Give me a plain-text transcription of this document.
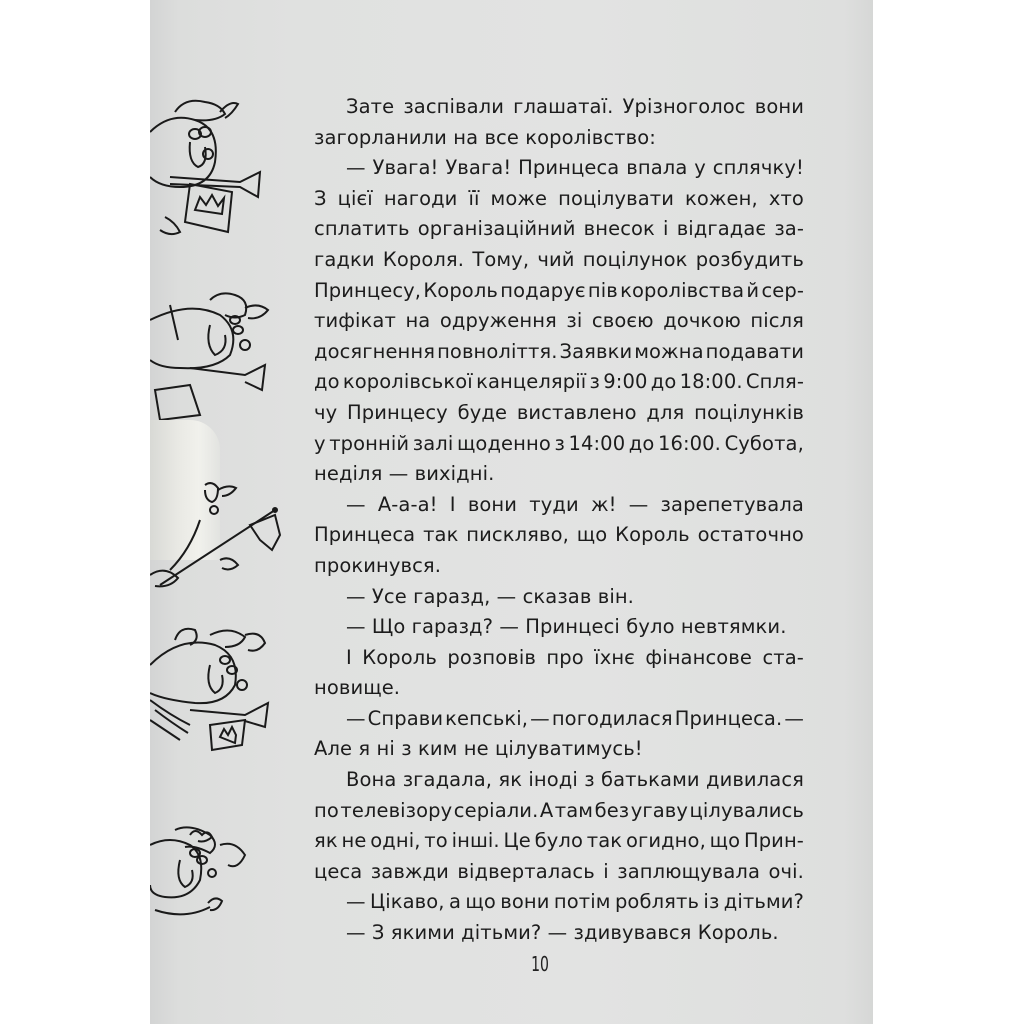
Зате заспівали глашатаї. Урізноголос вони
загорланили на все королівство:
— Увага! Увага! Принцеса впала у сплячку!
З цієї нагоди її може поцілувати кожен, хто
сплатить організаційний внесок і відгадає за-
гадки Короля. Тому, чий поцілунок розбудить
Принцесу, Король подарує пів королівства й сер-
тифікат на одруження зі своєю дочкою після
досягнення повноліття. Заявки можна подавати
до королівської канцелярії з 9:00 до 18:00. Спля-
чу Принцесу буде виставлено для поцілунків
у тронній залі щоденно з 14:00 до 16:00. Субота,
неділя — вихідні.
— А-а-а! І вони туди ж! — зарепетувала
Принцеса так пискляво, що Король остаточно
прокинувся.
— Усе гаразд, — сказав він.
— Що гаразд? — Принцесі було невтямки.
І Король розповів про їхнє фінансове ста-
новище.
— Справи кепські, — погодилася Принцеса. —
Але я ні з ким не цілуватимусь!
Вона згадала, як іноді з батьками дивилася
по телевізору серіали. А там без угаву цілувались
як не одні, то інші. Це було так огидно, що Прин-
цеса завжди відверталась і заплющувала очі.
— Цікаво, а що вони потім роблять із дітьми?
— З якими дітьми? — здивувався Король.
10
